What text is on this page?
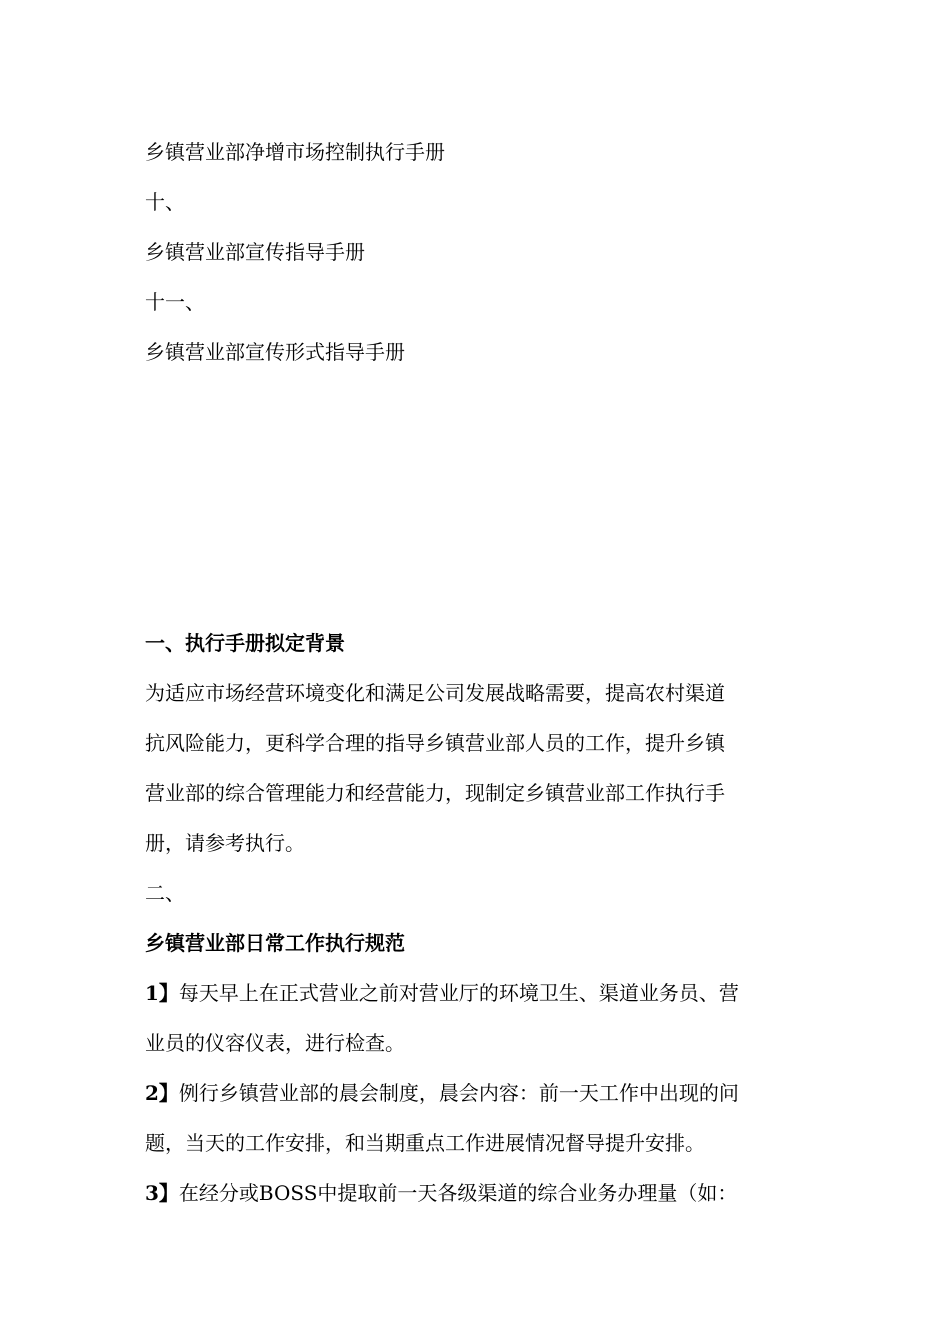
乡镇营业部净增市场控制执行手册
十、
乡镇营业部宣传指导手册
十一、
乡镇营业部宣传形式指导手册
一、执行手册拟定背景
为适应市场经营环境变化和满足公司发展战略需要，提高农村渠道
抗风险能力，更科学合理的指导乡镇营业部人员的工作，提升乡镇
营业部的综合管理能力和经营能力，现制定乡镇营业部工作执行手
册，请参考执行。
二、
乡镇营业部日常工作执行规范
1】每天早上在正式营业之前对营业厅的环境卫生、渠道业务员、营
业员的仪容仪表，进行检查。
2】例行乡镇营业部的晨会制度，晨会内容：前一天工作中出现的问
题，当天的工作安排，和当期重点工作进展情况督导提升安排。
3】在经分或BOSS中提取前一天各级渠道的综合业务办理量（如：
